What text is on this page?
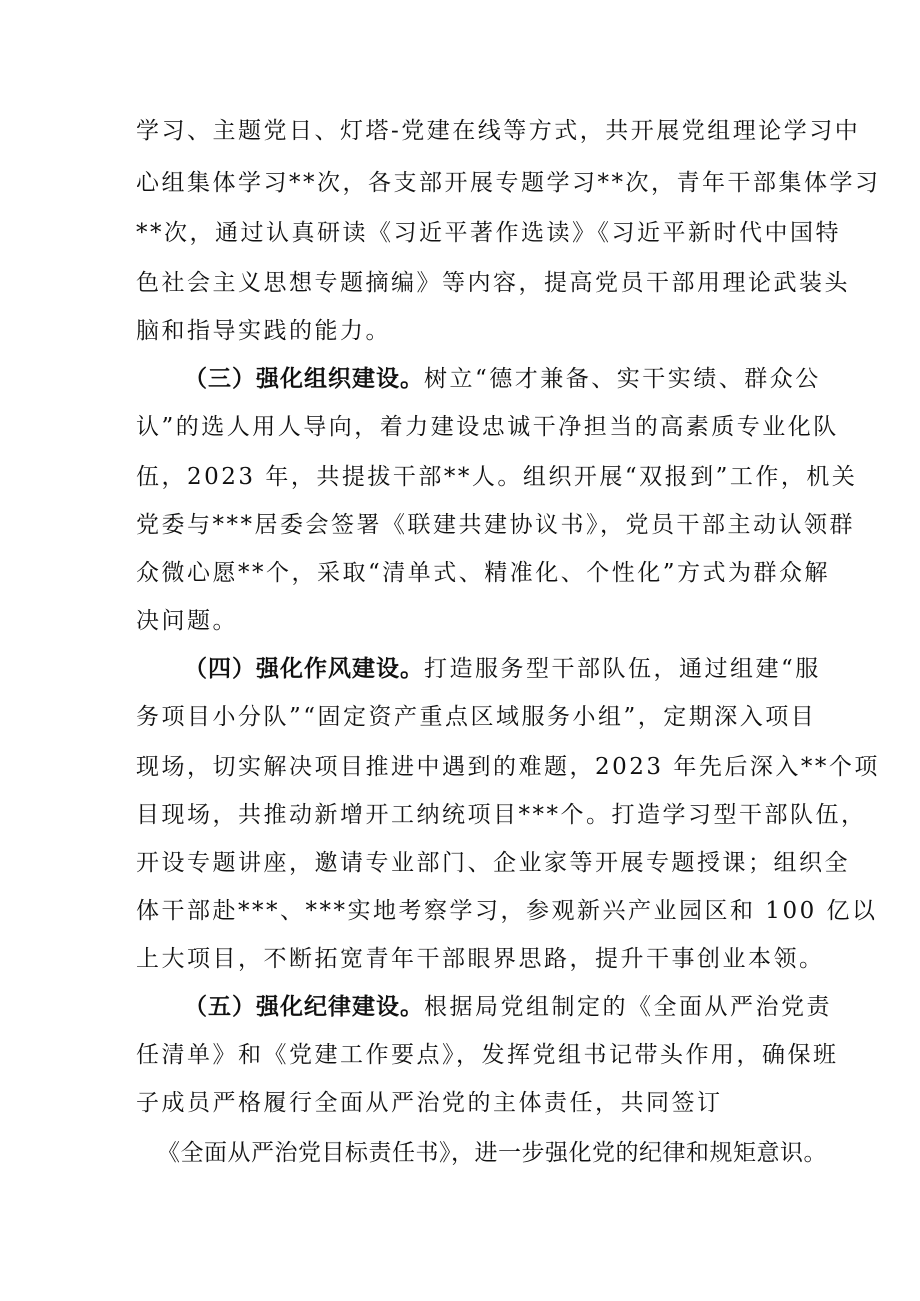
学习、主题党日、灯塔-党建在线等方式，共开展党组理论学习中
心组集体学习**次，各支部开展专题学习**次，青年干部集体学习
**次，通过认真研读《习近平著作选读》《习近平新时代中国特
色社会主义思想专题摘编》等内容，提高党员干部用理论武装头
脑和指导实践的能力。
（三）强化组织建设。树立“德才兼备、实干实绩、群众公
认”的选人用人导向，着力建设忠诚干净担当的高素质专业化队
伍，2023 年，共提拔干部**人。组织开展“双报到”工作，机关
党委与***居委会签署《联建共建协议书》，党员干部主动认领群
众微心愿**个，采取“清单式、精准化、个性化”方式为群众解
决问题。
（四）强化作风建设。打造服务型干部队伍，通过组建“服
务项目小分队”“固定资产重点区域服务小组”，定期深入项目
现场，切实解决项目推进中遇到的难题，2023 年先后深入**个项
目现场，共推动新增开工纳统项目***个。打造学习型干部队伍，
开设专题讲座，邀请专业部门、企业家等开展专题授课；组织全
体干部赴***、***实地考察学习，参观新兴产业园区和 100 亿以
上大项目，不断拓宽青年干部眼界思路，提升干事创业本领。
（五）强化纪律建设。根据局党组制定的《全面从严治党责
任清单》和《党建工作要点》，发挥党组书记带头作用，确保班
子成员严格履行全面从严治党的主体责任，共同签订
《全面从严治党目标责任书》，进一步强化党的纪律和规矩意识。
